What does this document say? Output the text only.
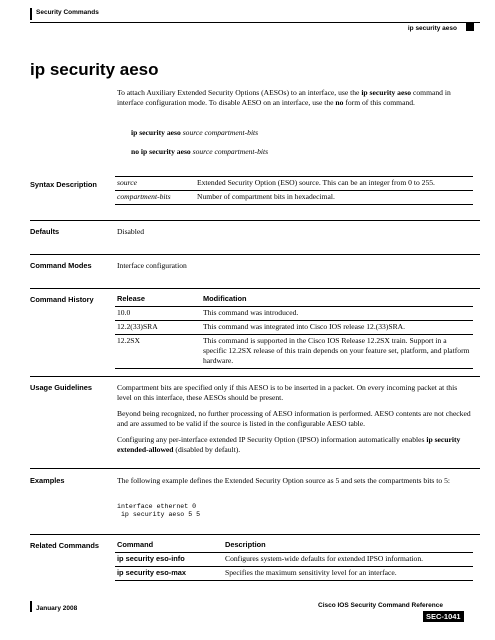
Security Commands
ip security aeso
ip security aeso

To attach Auxiliary Extended Security Options (AESOs) to an interface, use the ip security aeso command in interface configuration mode. To disable AESO on an interface, use the no form of this command.

ip security aeso source compartment-bits
no ip security aeso source compartment-bits
Syntax Description	source	Extended Security Option (ESO) source. This can be an integer from 0 to 255.
compartment-bits	Number of compartment bits in hexadecimal.
Defaults	Disabled
Command Modes	Interface configuration
Command History	Release	Modification
10.0	This command was introduced.
12.2(33)SRA	This command was integrated into Cisco IOS release 12.(33)SRA.
12.2SX	This command is supported in the Cisco IOS Release 12.2SX train. Support in a specific 12.2SX release of this train depends on your feature set, platform, and platform hardware.
Usage Guidelines	Compartment bits are specified only if this AESO is to be inserted in a packet. On every incoming packet at this level on this interface, these AESOs should be present.

Beyond being recognized, no further processing of AESO information is performed. AESO contents are not checked and are assumed to be valid if the source is listed in the configurable AESO table.

Configuring any per-interface extended IP Security Option (IPSO) information automatically enables ip security extended-allowed (disabled by default).

Examples	The following example defines the Extended Security Option source as 5 and sets the compartments bits to 5:

interface ethernet 0
ip security aeso 5 5
Related Commands Command	Description
ip security eso-info	Configures system-wide defaults for extended IPSO information.
ip security eso-max	Specifies the maximum sensitivity level for an interface.
Cisco IOS Security Command Reference
January 2008
SEC-1041
